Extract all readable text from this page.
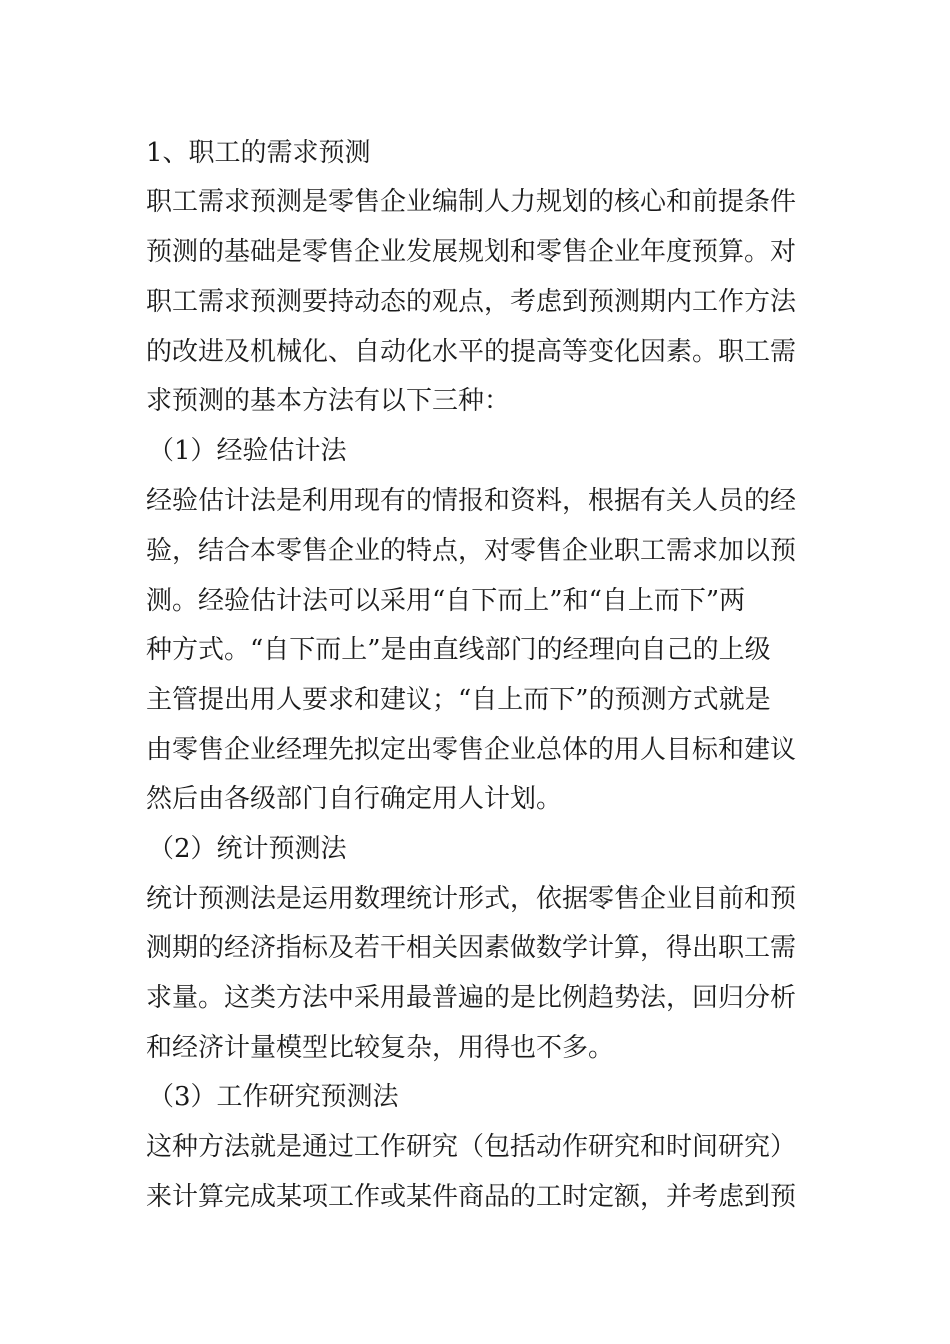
1、职工的需求预测
职工需求预测是零售企业编制人力规划的核心和前提条件
预测的基础是零售企业发展规划和零售企业年度预算。对
职工需求预测要持动态的观点，考虑到预测期内工作方法
的改进及机械化、自动化水平的提高等变化因素。职工需
求预测的基本方法有以下三种：
（1）经验估计法
经验估计法是利用现有的情报和资料，根据有关人员的经
验，结合本零售企业的特点，对零售企业职工需求加以预
测。经验估计法可以采用“自下而上”和“自上而下”两
种方式。“自下而上”是由直线部门的经理向自己的上级
主管提出用人要求和建议；“自上而下”的预测方式就是
由零售企业经理先拟定出零售企业总体的用人目标和建议
然后由各级部门自行确定用人计划。
（2）统计预测法
统计预测法是运用数理统计形式，依据零售企业目前和预
测期的经济指标及若干相关因素做数学计算，得出职工需
求量。这类方法中采用最普遍的是比例趋势法，回归分析
和经济计量模型比较复杂，用得也不多。
（3）工作研究预测法
这种方法就是通过工作研究（包括动作研究和时间研究）
来计算完成某项工作或某件商品的工时定额，并考虑到预
